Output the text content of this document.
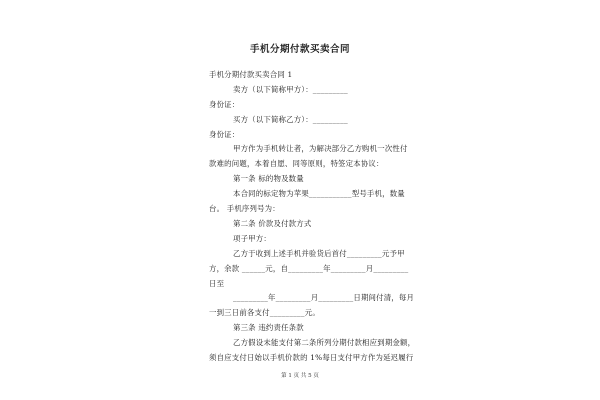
手机分期付款买卖合同
手机分期付款买卖合同 1
卖方（以下简称甲方）：_________
身份证：
买方（以下简称乙方）：_________
身份证：
甲方作为手机转让者，为解决部分乙方购机一次性付
款难的问题，本着自愿、同等原则，特签定本协议：
第一条 标的物及数量
本合同的标定物为苹果___________型号手机，数量
台。 手机序列号为：
第二条 价款及付款方式
项子甲方：
乙方于收到上述手机并验货后首付_________元予甲
方，余款 ______元，自_________年_________月_________
日至
_________年_________月_________日期间付清，每月
一到三日前各支付_________元。
第三条 违约责任条款
乙方假设未能支付第二条所列分期付款相应到期金额，
须自应支付日始以手机价款的 1%每日支付甲方作为延迟履行
第 1 页 共 5 页
